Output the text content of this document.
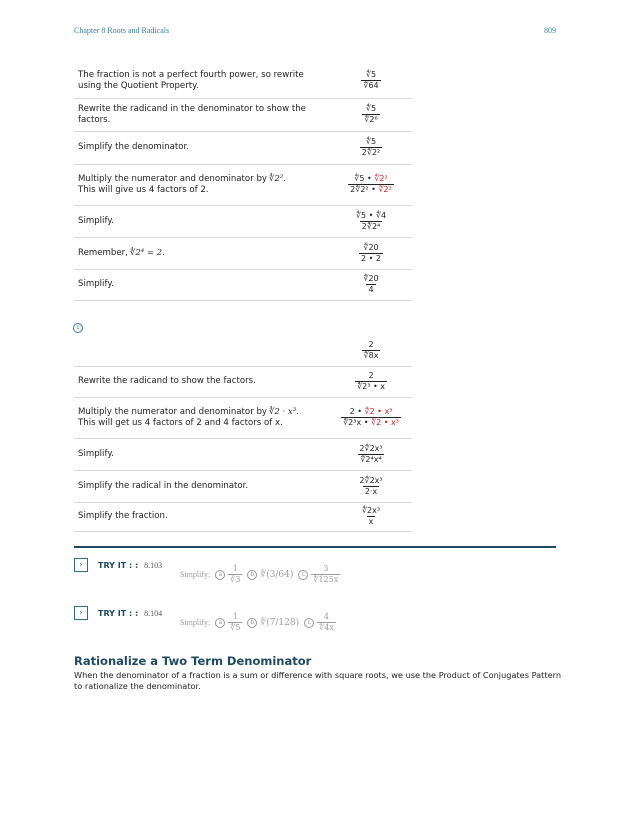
Chapter 8 Roots and Radicals	809
The fraction is not a perfect fourth power, so rewrite using the Quotient Property.	$\frac{∜5}{∜64}$

Rewrite the radicand in the denominator to show the factors.	$\frac{∜5}{\text{∜2⁶}}$

Simplify the denominator.	$\frac{∜5}{\text{2∜2²}}$

Multiply the numerator and denominator by ∜2².
This will give us 4 factors of 2.	$\frac{\text{∜5 • ∜2²}}{\text{2∜2² • ∜2²}}$

Simplify.	$\frac{∜5 • ∜4}{\text{2∜2⁴}}$

Remember, ∜2⁴ = 2.	$\frac{∜20}{2 • 2}$

Simplify.	$\frac{∜20}{4}$
c

	$\frac{2}{∜8x}$

Rewrite the radicand to show the factors.	$\frac{2}{\text{∜2³ • x}}$

Multiply the numerator and denominator by ∜2 · x³.
This will get us 4 factors of 2 and 4 factors of x.	$\frac{\text{2 • ∜2 • x³}}{\text{∜2³x • ∜2 • x³}}$

Simplify.	$\frac{\text{2∜2x³}}{\text{∜2⁴x⁴}}$

Simplify the radical in the denominator.	$\frac{\text{2∜2x³}}{2\cdot x}$

Simplify the fraction.	$\frac{\text{∜2x³}}{x}$
›	TRY IT : : 8.103
Simplify:	a $\frac{1}{∛3}$	b ∜(3/64)	c $\frac{3}{∜125x}$
›	TRY IT : : 8.104
Simplify:	a $\frac{1}{∜5}$	b ∜(7/128)	c $\frac{4}{∜4x}$
Rationalize a Two Term Denominator
When the denominator of a fraction is a sum or difference with square roots, we use the Product of Conjugates Pattern to rationalize the denominator.
